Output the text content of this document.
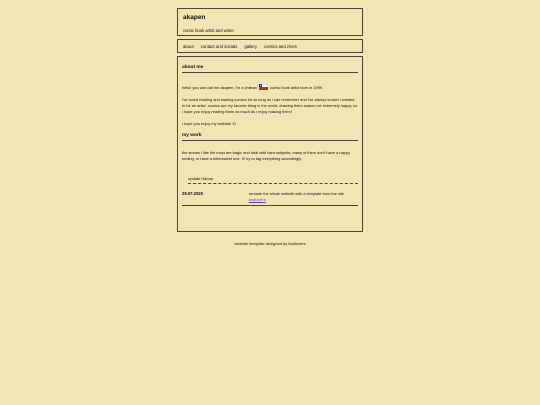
akapen
comic book artist and writer
about contact and socials gallery comics and zines
about me

hello! you can call me akapen, i'm a chilean	comic book artist born in 1999.

i've loved reading and making comics for as long as i can remember and i've always known i wanted to be an artist. comics are my favorite thing in the world, drawing them makes me extremely happy, so i hope you enjoy reading them as much as i enjoy making them!

i hope you enjoy my website :D

my work

the stories i like the most are tragic and deal with hard subjects, many of them don't have a happy ending, or have a bittersweet one. i'll try to tag everything accordingly.

update history
29.07.2025	remade the whole website with a template from the site foollovers
website template designed by foollovers
